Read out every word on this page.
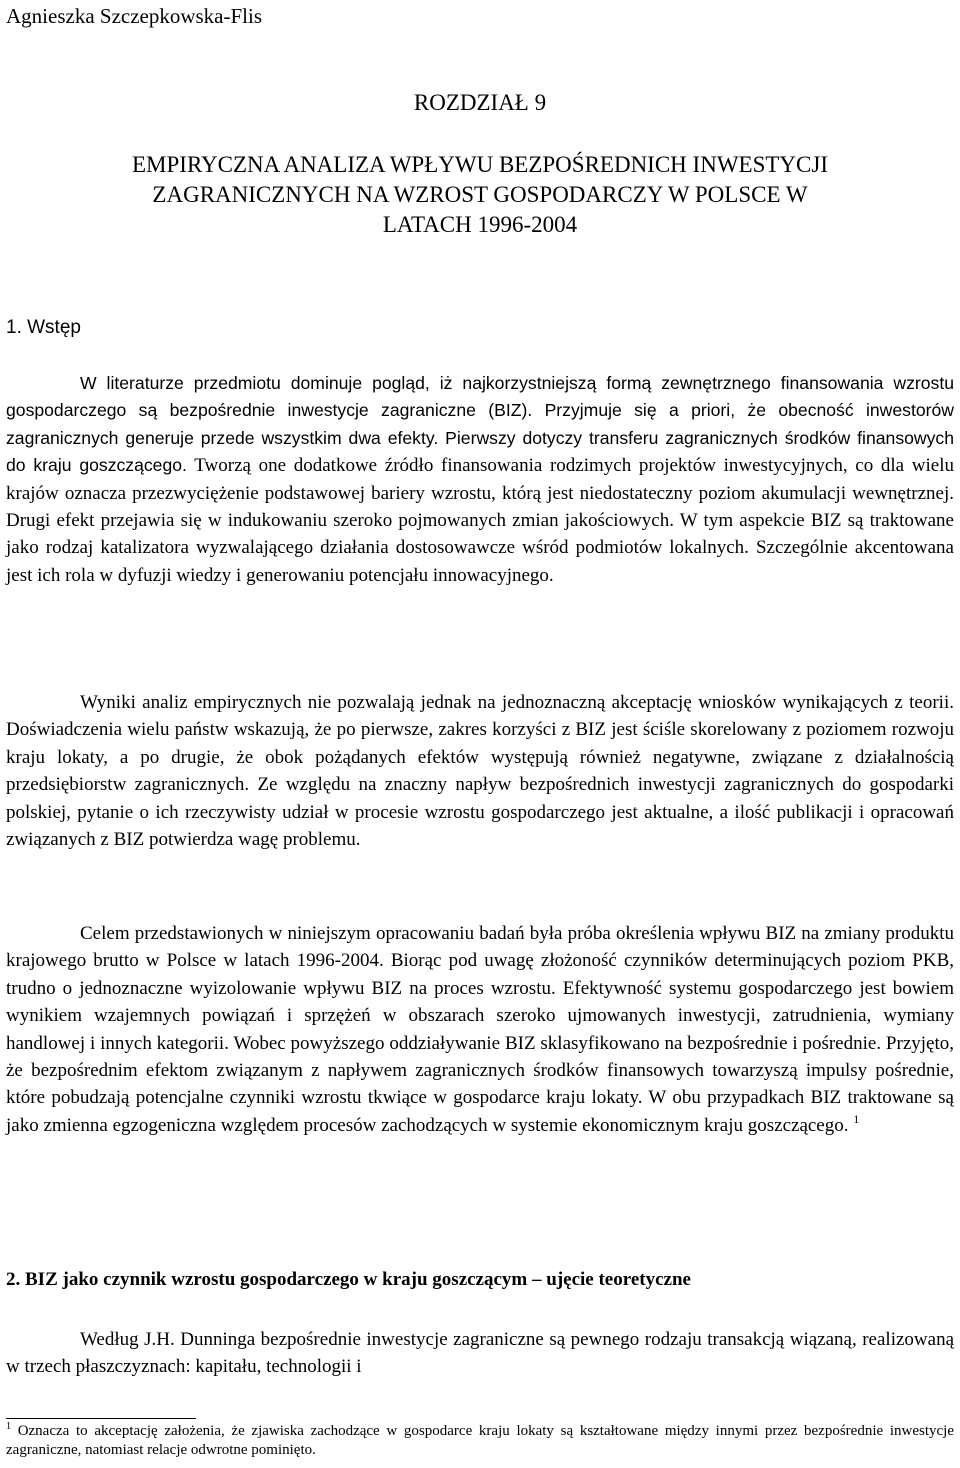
Agnieszka Szczepkowska-Flis
ROZDZIAŁ 9
EMPIRYCZNA ANALIZA WPŁYWU BEZPOŚREDNICH INWESTYCJI
ZAGRANICZNYCH NA WZROST GOSPODARCZY W POLSCE W
LATACH 1996-2004
1. Wstęp

W literaturze przedmiotu dominuje pogląd, iż najkorzystniejszą formą zewnętrznego finansowania wzrostu gospodarczego są bezpośrednie inwestycje zagraniczne (BIZ). Przyjmuje się a priori, że obecność inwestorów zagranicznych generuje przede wszystkim dwa efekty. Pierwszy dotyczy transferu zagranicznych środków finansowych do kraju goszczącego. Tworzą one dodatkowe źródło finansowania rodzimych projektów inwestycyjnych, co dla wielu krajów oznacza przezwyciężenie podstawowej bariery wzrostu, którą jest niedostateczny poziom akumulacji wewnętrznej. Drugi efekt przejawia się w indukowaniu szeroko pojmowanych zmian jakościowych. W tym aspekcie BIZ są traktowane jako rodzaj katalizatora wyzwalającego działania dostosowawcze wśród podmiotów lokalnych. Szczególnie akcentowana jest ich rola w dyfuzji wiedzy i generowaniu potencjału innowacyjnego.

Wyniki analiz empirycznych nie pozwalają jednak na jednoznaczną akceptację wniosków wynikających z teorii. Doświadczenia wielu państw wskazują, że po pierwsze, zakres korzyści z BIZ jest ściśle skorelowany z poziomem rozwoju kraju lokaty, a po drugie, że obok pożądanych efektów występują również negatywne, związane z działalnością przedsiębiorstw zagranicznych. Ze względu na znaczny napływ bezpośrednich inwestycji zagranicznych do gospodarki polskiej, pytanie o ich rzeczywisty udział w procesie wzrostu gospodarczego jest aktualne, a ilość publikacji i opracowań związanych z BIZ potwierdza wagę problemu.

Celem przedstawionych w niniejszym opracowaniu badań była próba określenia wpływu BIZ na zmiany produktu krajowego brutto w Polsce w latach 1996-2004. Biorąc pod uwagę złożoność czynników determinujących poziom PKB, trudno o jednoznaczne wyizolowanie wpływu BIZ na proces wzrostu. Efektywność systemu gospodarczego jest bowiem wynikiem wzajemnych powiązań i sprzężeń w obszarach szeroko ujmowanych inwestycji, zatrudnienia, wymiany handlowej i innych kategorii. Wobec powyższego oddziaływanie BIZ sklasyfikowano na bezpośrednie i pośrednie. Przyjęto, że bezpośrednim efektom związanym z napływem zagranicznych środków finansowych towarzyszą impulsy pośrednie, które pobudzają potencjalne czynniki wzrostu tkwiące w gospodarce kraju lokaty. W obu przypadkach BIZ traktowane są jako zmienna egzogeniczna względem procesów zachodzących w systemie ekonomicznym kraju goszczącego. $^1$

2. BIZ jako czynnik wzrostu gospodarczego w kraju goszczącym – ujęcie teoretyczne

Według J.H. Dunninga bezpośrednie inwestycje zagraniczne są pewnego rodzaju transakcją wiązaną, realizowaną w trzech płaszczyznach: kapitału, technologii i

$^1$ Oznacza to akceptację założenia, że zjawiska zachodzące w gospodarce kraju lokaty są kształtowane między innymi przez bezpośrednie inwestycje zagraniczne, natomiast relacje odwrotne pominięto.
